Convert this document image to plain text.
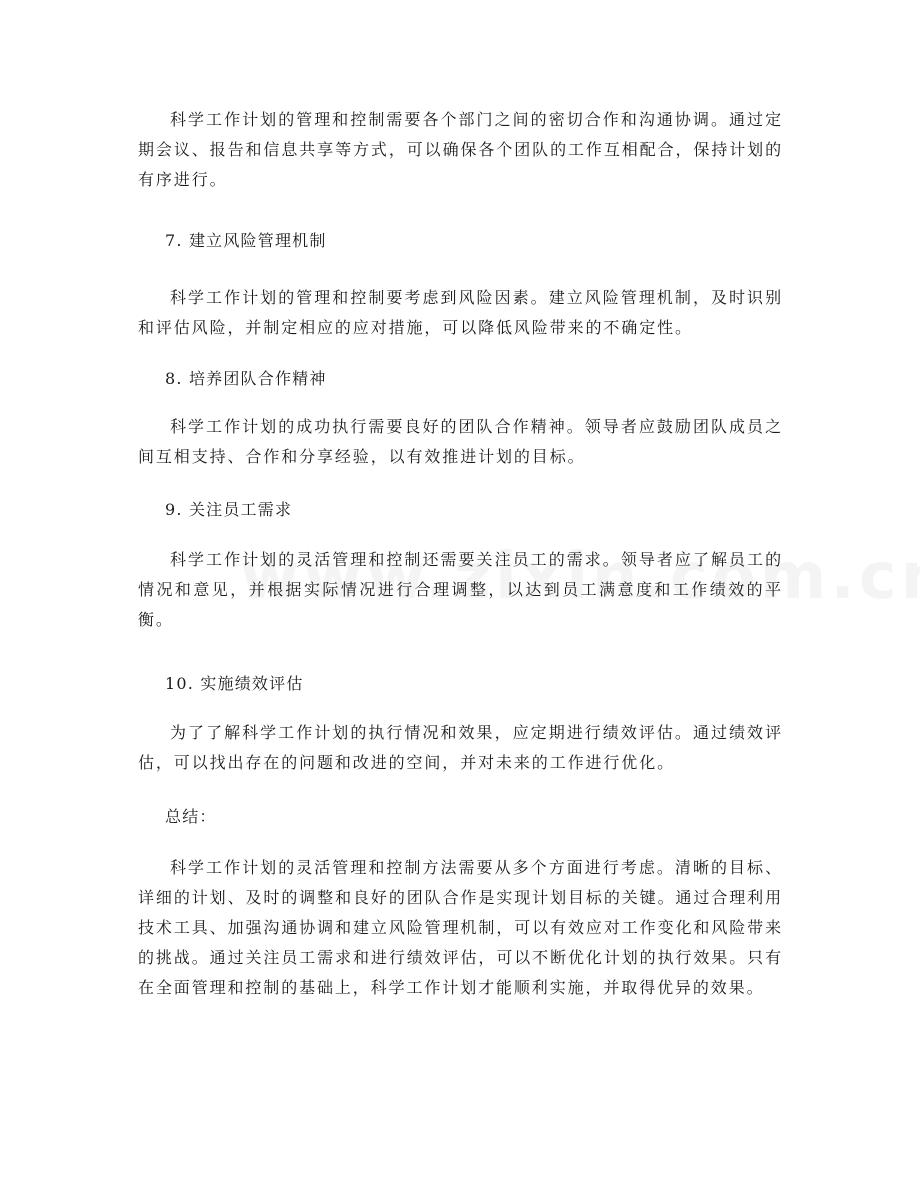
科学工作计划的管理和控制需要各个部门之间的密切合作和沟通协调。通过定期会议、报告和信息共享等方式，可以确保各个团队的工作互相配合，保持计划的有序进行。

7. 建立风险管理机制

科学工作计划的管理和控制要考虑到风险因素。建立风险管理机制，及时识别和评估风险，并制定相应的应对措施，可以降低风险带来的不确定性。

8. 培养团队合作精神

科学工作计划的成功执行需要良好的团队合作精神。领导者应鼓励团队成员之间互相支持、合作和分享经验，以有效推进计划的目标。

9. 关注员工需求

科学工作计划的灵活管理和控制还需要关注员工的需求。领导者应了解员工的情况和意见，并根据实际情况进行合理调整，以达到员工满意度和工作绩效的平衡。

10. 实施绩效评估

为了了解科学工作计划的执行情况和效果，应定期进行绩效评估。通过绩效评估，可以找出存在的问题和改进的空间，并对未来的工作进行优化。

总结：

科学工作计划的灵活管理和控制方法需要从多个方面进行考虑。清晰的目标、详细的计划、及时的调整和良好的团队合作是实现计划目标的关键。通过合理利用技术工具、加强沟通协调和建立风险管理机制，可以有效应对工作变化和风险带来的挑战。通过关注员工需求和进行绩效评估，可以不断优化计划的执行效果。只有在全面管理和控制的基础上，科学工作计划才能顺利实施，并取得优异的效果。
